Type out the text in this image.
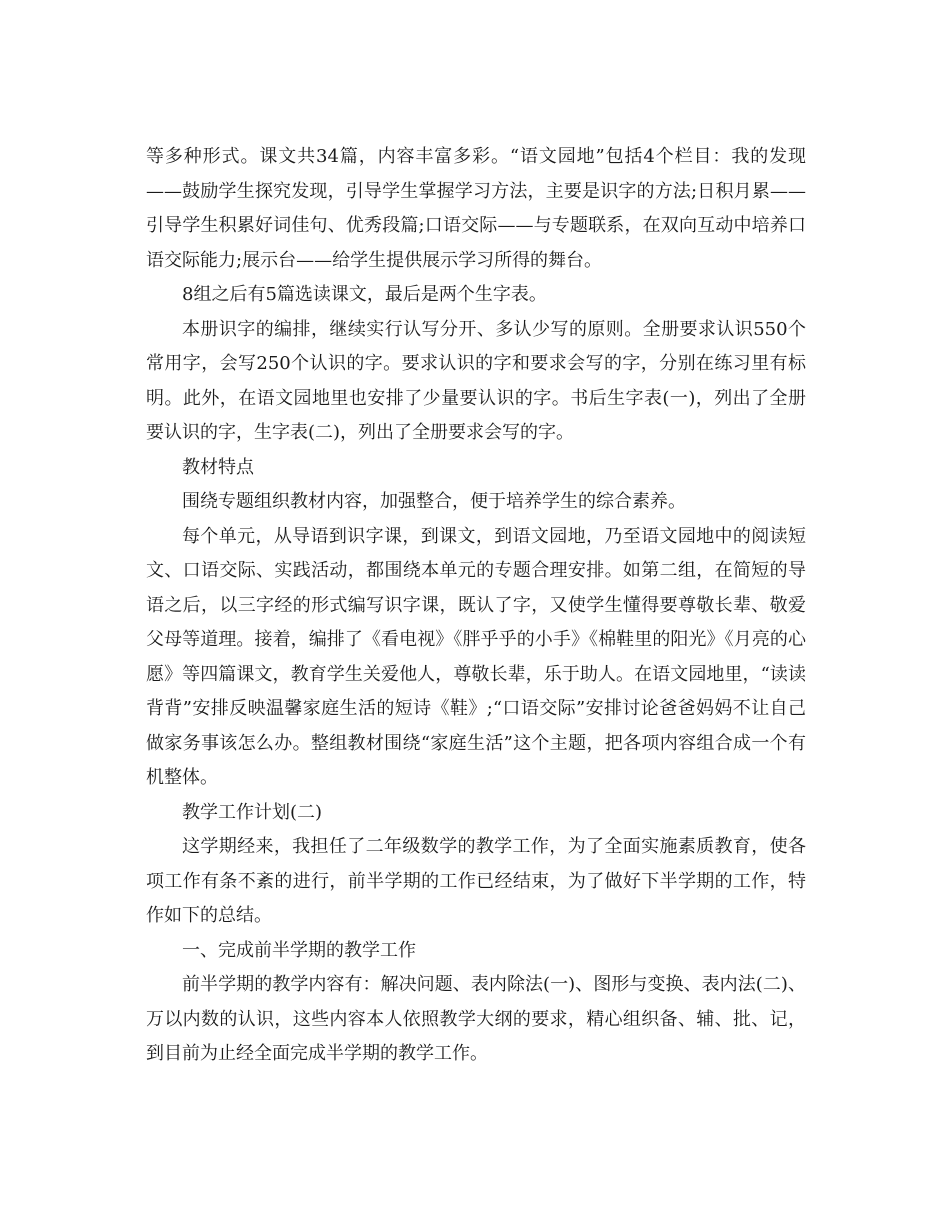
等多种形式。课文共34篇，内容丰富多彩。“语文园地”包括4个栏目：我的发现——鼓励学生探究发现，引导学生掌握学习方法，主要是识字的方法;日积月累——引导学生积累好词佳句、优秀段篇;口语交际——与专题联系，在双向互动中培养口语交际能力;展示台——给学生提供展示学习所得的舞台。

8组之后有5篇选读课文，最后是两个生字表。

本册识字的编排，继续实行认写分开、多认少写的原则。全册要求认识550个常用字，会写250个认识的字。要求认识的字和要求会写的字，分别在练习里有标明。此外，在语文园地里也安排了少量要认识的字。书后生字表(一)，列出了全册要认识的字，生字表(二)，列出了全册要求会写的字。

教材特点

围绕专题组织教材内容，加强整合，便于培养学生的综合素养。

每个单元，从导语到识字课，到课文，到语文园地，乃至语文园地中的阅读短文、口语交际、实践活动，都围绕本单元的专题合理安排。如第二组，在简短的导语之后，以三字经的形式编写识字课，既认了字，又使学生懂得要尊敬长辈、敬爱父母等道理。接着，编排了《看电视》《胖乎乎的小手》《棉鞋里的阳光》《月亮的心愿》等四篇课文，教育学生关爱他人，尊敬长辈，乐于助人。在语文园地里，“读读背背”安排反映温馨家庭生活的短诗《鞋》;“口语交际”安排讨论爸爸妈妈不让自己做家务事该怎么办。整组教材围绕“家庭生活”这个主题，把各项内容组合成一个有机整体。

教学工作计划(二)

这学期经来，我担任了二年级数学的教学工作，为了全面实施素质教育，使各项工作有条不紊的进行，前半学期的工作已经结束，为了做好下半学期的工作，特作如下的总结。

一、完成前半学期的教学工作

前半学期的教学内容有：解决问题、表内除法(一)、图形与变换、表内法(二)、万以内数的认识，这些内容本人依照教学大纲的要求，精心组织备、辅、批、记，到目前为止经全面完成半学期的教学工作。
